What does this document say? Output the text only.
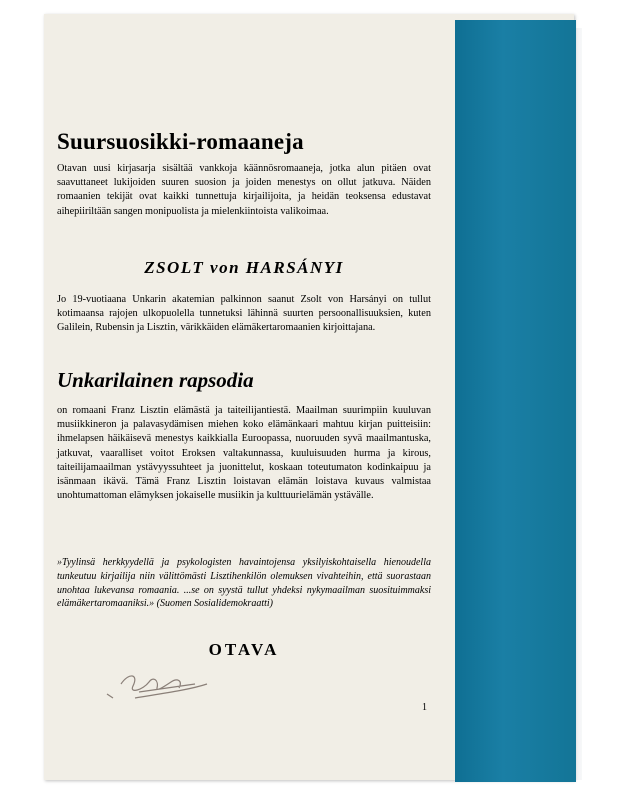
Suursuosikki-romaaneja

Otavan uusi kirjasarja sisältää vankkoja käännösromaaneja, jotka alun pitäen ovat saavuttaneet lukijoiden suuren suosion ja joiden menestys on ollut jatkuva. Näiden romaanien tekijät ovat kaikki tunnettuja kirjailijoita, ja heidän teoksensa edustavat aihepiiriltään sangen monipuolista ja mielenkiintoista valikoimaa.

ZSOLT von HARSÁNYI

Jo 19-vuotiaana Unkarin akatemian palkinnon saanut Zsolt von Harsányi on tullut kotimaansa rajojen ulkopuolella tunnetuksi lähinnä suurten persoonallisuuksien, kuten Galilein, Rubensin ja Lisztin, värikkäiden elämäkertaromaanien kirjoittajana.

Unkarilainen rapsodia

on romaani Franz Lisztin elämästä ja taiteilijantiestä. Maailman suurimpiin kuuluvan musiikkineron ja palavasydämisen miehen koko elämänkaari mahtuu kirjan puitteisiin: ihmelapsen häikäisevä menestys kaikkialla Euroopassa, nuoruuden syvä maailmantuska, jatkuvat, vaaralliset voitot Eroksen valtakunnassa, kuuluisuuden hurma ja kirous, taiteilijamaailman ystävyyssuhteet ja juonittelut, koskaan toteutumaton kodinkaipuu ja isänmaan ikävä. Tämä Franz Lisztin loistavan elämän loistava kuvaus valmistaa unohtumattoman elämyksen jokaiselle musiikin ja kulttuurielämän ystävälle.

»Tyylinsä herkkyydellä ja psykologisten havaintojensa yksilyiskohtaisella hienoudella tunkeutuu kirjailija niin välittömästi Lisztihenkilön olemuksen vivahteihin, että suorastaan unohtaa lukevansa romaania. ...se on syystä tullut yhdeksi nykymaailman suosituimmaksi elämäkertaromaaniksi.» (Suomen Sosialidemokraatti)

OTAVA

1
